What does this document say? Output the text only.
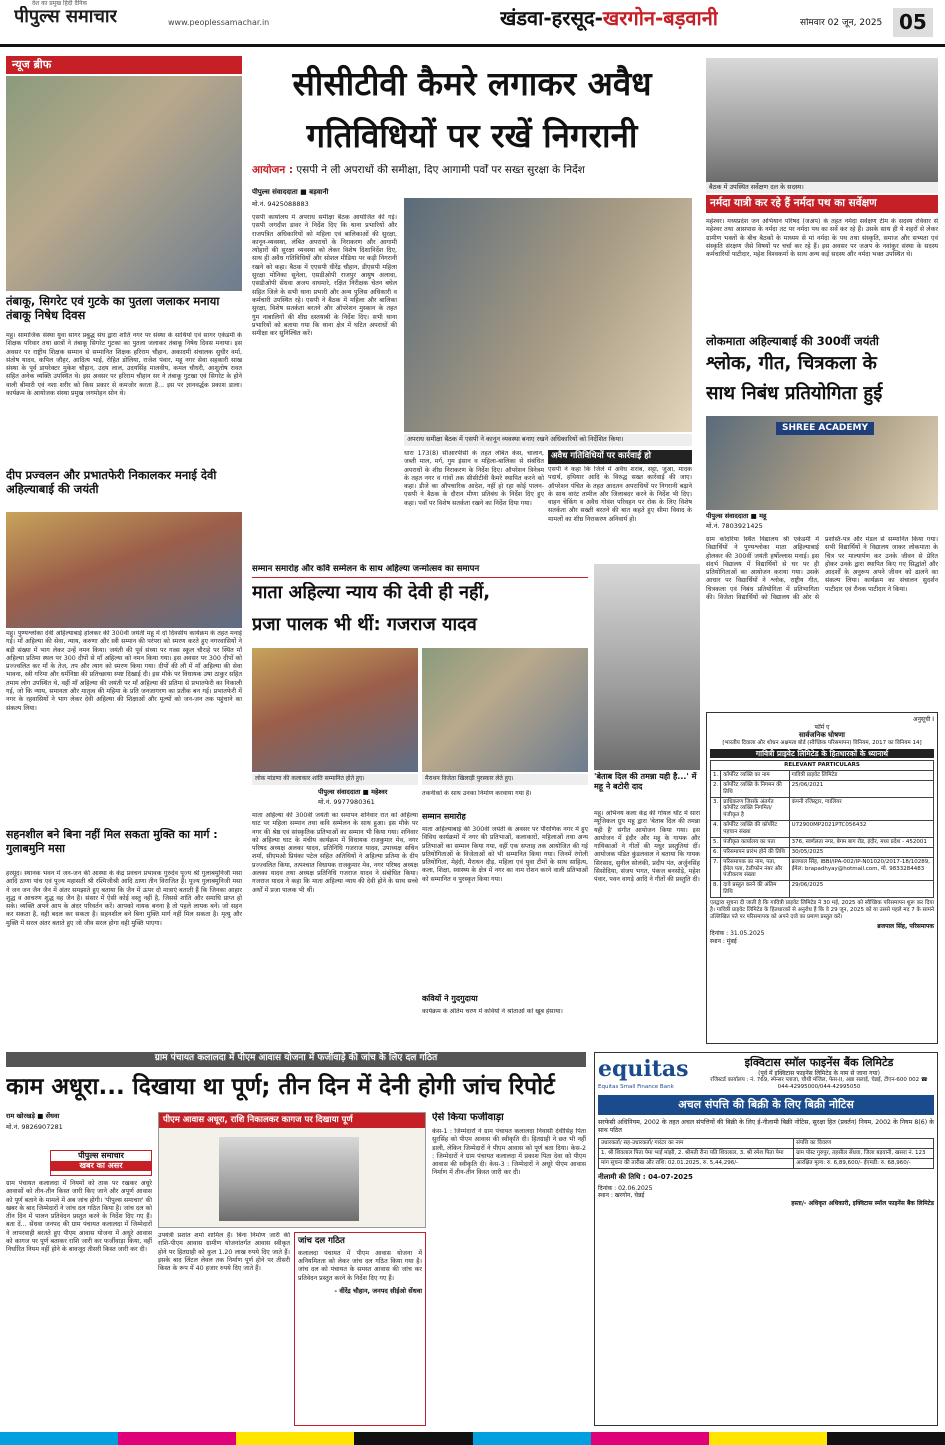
देश का प्रमुख हिंदी दैनिक
पीपुल्स समाचार	www.peoplessamachar.in	खंडवा-हरसूद-खरगोन-बड़वानी	सोमवार 02 जून, 2025 05
न्यूज ब्रीफ
तंबाकू, सिगरेट एवं गुटके का पुतला जलाकर मनाया तंबाकू निषेध दिवस
महू। सामाजिक संस्था युवा सागर प्रबुद्ध संघ द्वारा शांति नगर पर संस्था के साथियों एवं सागर एकेडमी के शिक्षक परिवार तथा छात्रों ने तंबाकू सिगरेट गुटका का पुतला जलाकर तंबाकू निषेध दिवस मनाया। इस अवसर पर राष्ट्रीय शिक्षक सम्मान से सम्मानित शिक्षक हरिराम चौहान, अकादमी संचालक सुधीर वर्मा, संतोष यादव, कपिल जौहर, आदित्य भाई, रोहित डोलिया, राजेश पंवार, महू नगर सेवा सहकारी साख संस्था के पूर्व डायरेक्टर मुकेश चौहान, उदय लाल, उदयसिंह मालवीय, कमल चौधरी, आशुतोष रावत सहित अनेक व्यक्ति उपस्थित थे। इस अवसर पर हरिराम चौहान सर ने तंबाकू गुटखा एवं सिगरेट के होने वाली बीमारी एवं नशा शरीर को किस प्रकार से कमजोर करता है... इस पर ज्ञानवर्द्धक प्रकाश डाला। कार्यक्रम के आयोजक संस्था प्रमुख जगमोहन सोन थे।
दीप प्रज्वलन और प्रभातफेरी निकालकर मनाई देवी अहिल्याबाई की जयंती
महू। पुण्यश्लोका देवी अहिल्याबाई होलकर की 300वीं जयंती महू में दो दिवसीय कार्यक्रम के तहत मनाई गई। माँ अहिल्या की सेवा, न्याय, करुणा और स्त्री सम्मान की परंपरा को स्मरण करते हुए नगरवासियों ने बड़ी संख्या में भाग लेकर उन्हें नमन किया। जयंती की पूर्व संध्या पर गल्र्स स्कूल चौराहे पर स्थित माँ अहिल्या प्रतिमा स्थल पर 300 दीपों से माँ अहिल्या को नमन किया गया। इस अवसर पर 300 दीपों को प्रज्ज्वलित कर माँ के तेज, तप और त्याग को स्मरण किया गया। दीपों की लौ में माँ अहिल्या की सेवा भावना, स्त्री गरिमा और धर्मनिष्ठा की प्रतिच्छाया स्पष्ट दिखाई दी। इस मौके पर विधायक उषा ठाकुर सहित तमाम लोग उपस्थित थे, वहीं माँ अहिल्या की जयंती पर माँ अहिल्या की प्रतिमा से प्रभातफेरी का निकाली गई, जो कि न्याय, समानता और मातृत्व की महिमा के प्रति जनजागरण का प्रतीक बन गई। प्रभातफेरी में नगर के रहवासियों ने भाग लेकर देवी अहिल्या की शिक्षाओं और मूल्यों को जन-जन तक पहुंचाने का संकल्प लिया।
सहनशील बने बिना नहीं मिल सकता मुक्ति का मार्ग : गुलाबमुनि मसा
हरसूद। स्थानक भवन में जन-जन की आस्था के केंद्र प्रवचन प्रभावक गुरुदेव पूज्य श्री गुलाबमुनिजी मसा आदि ठाणा पांच एवं पूज्य महासती श्री रश्मिजीश्री आदि ठाणा तीन विराजित हैं। पूज्य गुलाबमुनिजी मसा ने जन जन जैन जैन में अंतर समझाते हुए बताया कि जैन में ऊपर दो मात्राएं बताती हैं कि जिनका आहार शुद्ध व आचरण शुद्ध वह जैन है। संसार में ऐसी कोई वस्तु नहीं है, जिससे शांति और समाधि प्राप्त हो सके। व्यक्ति अपने आप के अंदर परिवर्तन करें। आपको नायक बनना है तो पहले लायक बनें। जो सहन कर सकता है, वही बदल कर सकता है। सहनशील बने बिना मुक्ति मार्ग नहीं मिल सकता है। मृत्यु और मुक्ति में सरल अंतर बताते हुए जो जीव सरल होगा वही मुक्ति पाएगा।
सीसीटीवी कैमरे लगाकर अवैध
गतिविधियों पर रखें निगरानी
आयोजन : एसपी ने ली अपराधों की समीक्षा, दिए आगामी पर्वों पर सख्त सुरक्षा के निर्देश
पीपुल्स संवाददाता ■ बड़वानी
मो.नं. 9425088883
एसपी कार्यालय में अपराध समीक्षा बैठक आयोजित की गई। एसपी जगदीश डावर ने निर्देश दिए कि थाना प्रभारियों और राजपत्रित अधिकारियों को महिला एवं बालिकाओं की सुरक्षा, कानून-व्यवस्था, लंबित अपराधों के निराकरण और आगामी त्योहारों की सुरक्षा व्यवस्था को लेकर विशेष दिशानिर्देश दिए, साथ ही अवैध गतिविधियों और सोशल मीडिया पर कड़ी निगरानी रखने को कहा। बैठक में एएसपी धीरेंद्र चौहान, डीएसपी महिला सुरक्षा मोनिका सुनेला, एसडीओपी राजपुर आयुष अलावा, एसडीओपी सेंधवा अजय वाघमारे, रक्षित निरीक्षक चेतन बघेल सहित जिले के सभी थाना प्रभारी और अन्य पुलिस अधिकारी व कर्मचारी उपस्थित रहे। एसपी ने बैठक में महिला और बालिका सुरक्षा, विशेष सतर्कता बरतने और ऑपरेशन मुस्कान के तहत गुम नाबालिगों की शीघ्र दस्तयाबी के निर्देश दिए। सभी थाना प्रभारियों को बताया गया कि थाना क्षेत्र में घटित अपराधों की समीक्षा कर सुनिश्चित करें।
अपराध समीक्षा बैठक में एसपी ने कानून व्यवस्था बनाए रखने अधिकारियों को निर्देशित किया।
धारा 173(8) सीआरपीसी के तहत लंबित केस, चालान, जब्ती माल, मर्ग, गुम इंसान व महिला-बालिका से संबंधित अपराधों के शीघ्र निराकरण के निर्देश दिए। ऑपरेशन त्रिनेत्रम के तहत नगर व गांवों तक सीसीटीवी कैमरे स्थापित करने को कहा। डीजे का औपचारिक आदेश, नहीं हो रहा कोई पालन-एसपी ने बैठक के दौरान मीणा प्रतिबंध के निर्देश दिए हुए कहा। पर्वों पर विशेष सतर्कता रखने का निर्देश दिया गया।
अवैध गतिविधियों पर कार्रवाई हो
एसपी ने कहा कि जिले में अवैध शराब, सट्टा, जुआ, मादक पदार्थ, हथियार आदि के विरुद्ध सख्त कार्रवाई की जाए। ऑपरेशन पंचित के तहत आदतन अपराधियों पर निगरानी बढ़ाने के साथ वारंट तामील और जिलाबदर करने के निर्देश भी दिए। वाहन चेकिंग व अवैध गोवंश परिवहन पर रोक के लिए विशेष सतर्कता और सख्ती बरतने की बात कहते हुए सीमा विवाद के मामलों का शीघ्र निराकरण अनिवार्य हो।
बैठक में उपस्थित सर्वेक्षण दल के सदस्य।
नर्मदा यात्री कर रहे हैं नर्मदा पथ का सर्वेक्षण
महेश्वर। मध्यप्रदेश जन अभियान परिषद (जअप) के तहत नर्मदा सर्वेक्षण टीम के सदस्य रविवार से महेश्वर तथा आसपास के नर्मदा तट पर नर्मदा पथ का सर्वे कर रहे हैं। उसके साथ ही ये शहरों से लेकर ग्रामीण भक्तों के बीच बैठकों के माध्यम से मां नर्मदा के पथ तथा संस्कृति, समाज और सभ्यता एवं संस्कृति संरक्षण जैसे विषयों पर चर्चा कर रहे हैं। इस अवसर पर जअप के नवांकुर संस्था के सदस्य कर्मचारियों पाटीदार, महेश विश्वकर्मा के साथ अन्य कई सदस्य और नर्मदा भक्त उपस्थित थे।
लोकमाता अहिल्याबाई की 300वीं जयंती
श्लोक, गीत, चित्रकला के
साथ निबंध प्रतियोगिता हुई
SHREE ACADEMY
पीपुल्स संवाददाता ■ महू
मो.नं. 7803921425
ग्राम कोदरिया स्थित विद्यालय श्री एकेडमी में विद्यार्थियों ने पुण्यश्लोका माता अहिल्याबाई होलकर की 300वीं जयंती हर्षोल्लास मनाई। इस संदर्भ विद्यालय में विद्यार्थियों से घर पर ही प्रतियोगिताओं का आयोजन कराया गया। उसके आधार पर विद्यार्थियों ने श्लोक, राष्ट्रीय गीत, चित्रकला एवं निबंध प्रतियोगिता में प्रतिभागिता की। विजेता विद्यार्थियों को विद्यालय की ओर से प्रशस्ति-पत्र और मेडल से सम्मानित किया गया। सभी विद्यार्थियों ने विद्यालय जाकर लोकमाता के चित्र पर माल्यार्पण कर उनके जीवन से प्रेरित होकर उनके द्वारा स्थापित किए गए सिद्धांतों और आदर्शों के अनुरूप अपने जीवन को ढालने का संकल्प लिया। कार्यक्रम का संचालन सुदर्शन पाटीदार एवं रौनक पाटीदार ने किया।
सम्मान समारोह और कवि सम्मेलन के साथ अहिल्या जन्मोत्सव का समापन
माता अहिल्या न्याय की देवी ही नहीं,
प्रजा पालक भी थीं: गजराज यादव
लोक मांडणा की कलाकार शांति सम्मानित होते हुए।	मैराथन विजेता खिलाड़ी पुरस्कार लेते हुए।
पीपुल्स संवाददाता ■ महेश्वर
मो.नं. 9977980361
माता अहिल्या की 300वीं जयंती का समापन शनिवार रात को अहिल्या घाट पर महिला सम्मान तथा कवि सम्मेलन के साथ हुआ। इस मौके पर नगर की श्रेष्ठ एवं सांस्कृतिक प्रतिभाओं का सम्मान भी किया गया। शनिवार को अहिल्या घाट के मंचीय कार्यक्रम में विधायक राजकुमार मेव, नगर परिषद अध्यक्ष अलका यादव, प्रतिनिधि गजराज यादव, उपाध्यक्ष सचिन शर्मा, सीएमओ प्रियंका पटेल सहित अतिथियों ने अहिल्या प्रतिमा के दीप प्रज्ज्वलित किया, तत्पश्चात विधायक राजकुमार मेव, नगर परिषद अध्यक्ष अलका यादव तथा अध्यक्ष प्रतिनिधि गजराज यादव ने संबोधित किया। गजराज यादव ने कहा कि माता अहिल्या न्याय की देवी होने के साथ सच्चे अर्थों में प्रजा पालक भी थीं।
तकनीकों के साथ उनका निर्माण करवाया गया है।
सम्मान समारोह
माता अहिल्याबाई की 300वीं जयंती के अवसर पर पौराणिक नगर में हुए विविध कार्यक्रमों में नगर की प्रतिभाओं, कलाकारों, महिलाओं तथा अन्य प्रतिभाओं का सम्मान किया गया, वहीं एक सप्ताह तक आयोजित की गई प्रतियोगिताओं के विजेताओं को भी सम्मानित किया गया। जिनमें रंगोली प्रतियोगिता, मेहंदी, मैराथन दौड़, महिला एवं युवा टीमों के साथ साहित्य, कला, शिक्षा, स्वास्थ्य के क्षेत्र में नगर का नाम रोशन करने वाली प्रतिभाओं को सम्मानित व पुरस्कृत किया गया।
कवियों ने गुदगुदाया
कार्यक्रम के अंतिम चरण में कवियों ने श्रोताओं को खूब हंसाया।
'बेताब दिल की तमन्ना यही है...' में महू ने बटोरी दाद
महू। अभिनय कला केंद्र की गोयल थॉट में सारा म्यूजिकल ग्रुप महू द्वारा 'बेताब दिल की तमन्ना यही है' संगीत आयोजन किया गया। इस आयोजन में इंदौर और महू के गायक और गायिकाओं ने गीतों की मधुर प्रस्तुतियां दीं। आयोजक पंडित कुंडलवाल ने बताया कि गायक सिरसाद, सुनील सोलंकी, प्रदीप पंत, अर्जुनसिंह सिसोदिया, संजय भगत, पंकज बनसोड़े, महेश पंवार, पवन वागड़े आदि ने गीतों की प्रस्तुति दी।
अनुसूची I
फॉर्म ए
सार्वजनिक घोषणा
[भारतीय दिवाला और शोधन अक्षमता बोर्ड (स्वैच्छिक परिसमापन) विनियम, 2017 का विनियम 14]
गावित्री प्राइवेट लिमिटेड के हितधारकों के ध्यानार्थ
RELEVANT PARTICULARS		
1.	कॉर्पोरेट व्यक्ति का नाम	गावित्री प्राइवेट लिमिटेड
2.	कॉर्पोरेट व्यक्ति के निगमन की तिथि	25/06/2021
3.	प्राधिकरण जिसके अंतर्गत कॉर्पोरेट व्यक्ति निगमित/पंजीकृत है	कंपनी रजिस्ट्रार, ग्वालियर
4.	कॉर्पोरेट व्यक्ति की कॉर्पोरेट पहचान संख्या	U72900MP2021PTC056432
5.	पंजीकृत कार्यालय का पता	376, स्वर्णलता नगर, बेगम बाग रोड, इंदौर, मध्य प्रदेश - 452001
6.	परिसमापन प्रारंभ होने की तिथि	30/05/2025
7.	परिसमापक का नाम, पता, ईमेल पता, टेलीफोन नंबर और पंजीकरण संख्या	ब्रजपाल सिंह, IBBI/IPA-002/IP-N01020/2017-18/10289, ईमेल: brapadhyay@hotmail.com, मो. 9833284483
8.	दावे प्रस्तुत करने की अंतिम तिथि	29/06/2025
एतद्वारा सूचना दी जाती है कि गावित्री प्राइवेट लिमिटेड ने 30 मई, 2025 को स्वैच्छिक परिसमापन शुरू कर दिया है। गावित्री प्राइवेट लिमिटेड के हितधारकों से अनुरोध है कि वे 29 जून, 2025 को या उससे पहले मद 7 के सामने उल्लिखित पते पर परिसमापक को अपने दावे का प्रमाण प्रस्तुत करें।
ब्रजपाल सिंह, परिसमापक
दिनांक : 31.05.2025
स्थान : मुंबई
ग्राम पंचायत कलालदा में पीएम आवास योजना में फर्जीवाड़े की जांच के लिए दल गठित
काम अधूरा... दिखाया था पूर्ण; तीन दिन में देनी होगी जांच रिपोर्ट
राम खोरखड़े ■ सेंधवा
मो.नं. 9826907281
पीपुल्स समाचार
खबर का असर
ग्राम पंचायत कलालदा में नियमों को ताक पर रखकर अधूरे आवासों को तीन-तीन किस्त जारी किए जाने और अपूर्ण आवास को पूर्ण बताने के मामले में अब जांच होगी। 'पीपुल्स समाचार' की खबर के बाद जिम्मेदारों ने जांच दल गठित किया है। जांच दल को तीन दिन में पालन प्रतिवेदन प्रस्तुत करने के निर्देश दिए गए हैं। बता दें... सेंधवा जनपद की ग्राम पंचायत कलालदा में जिम्मेदारों ने लापरवाही बरतते हुए पीएम आवास योजना में अधूरे आवास को कागज पर पूर्ण बताकर राशि जारी कर फर्जीवाड़ा किया, वहीं निर्धारित नियम नहीं होने के बावजूद तीसरी किस्त जारी कर दी।
पीएम आवास अधूरा, राशि निकालकर कागज पर दिखाया पूर्ण
उपयंत्री प्रशांत शर्मा शामिल हैं। बिना निर्माण जारी की राशि-पीएम आवास ग्रामीण योजनांतर्गत आवास स्वीकृत होने पर हितग्राही को कुल 1.20 लाख रुपये दिए जाते हैं। इसके बाद लिंटल लेवल तक निर्माण पूर्ण होने पर तीसरी किस्त के रूप में 40 हजार रुपये दिए जाते हैं।
जांच दल गठित
कलालदा पंचायत में पीएम आवास योजना में अनियमितता को लेकर जांच दल गठित किया गया है। जांच दल को पंचायत के समस्त आवास की जांच कर प्रतिवेदन प्रस्तुत करने के निर्देश दिए गए हैं।
- वीरेंद्र चौहान, जनपद सीईओ सेंधवा
ऐसे किया फर्जीवाड़ा
केस-1 : जिम्मेदारों ने ग्राम पंचायत कलालदा निवासी देवीसिंह पिता सुरसिंह को पीएम आवास की स्वीकृति दी। हितग्राही ने छत भी नहीं डाली, लेकिन जिम्मेदारों ने पीएम आवास को पूर्ण बता दिया। केस-2 : जिम्मेदारों ने ग्राम पंचायत कलालदा में प्रकाश पिता देवा को पीएम आवास की स्वीकृति दी। केस-3 : जिम्मेदारों ने अधूरे पीएम आवास निर्माण में तीन-तीन किस्त जारी कर दी।
equitas
Equitas Small Finance Bank
इक्विटास स्मॉल फाइनेंस बैंक लिमिटेड
(पूर्व में इक्विटास फाइनेंस लिमिटेड के नाम से जाना गया)
रजिस्टर्ड कार्यालय : नं. 769, स्पेन्सर प्लाजा, चौथी मंजिल, फेस-II, अन्ना सलाई, चेन्नई, टीएन-600 002 ☎ 044-42995000/044-42995050
अचल संपत्ति की बिक्री के लिए बिक्री नोटिस
सरफेसी अधिनियम, 2002 के तहत अचल संपत्तियों की बिक्री के लिए ई-नीलामी बिक्री नोटिस, सुरक्षा हित (प्रवर्तन) नियम, 2002 के नियम 8(6) के साथ पठित
उधारकर्ता/ सह-उधारकर्ता/ गारंटर का नाम	संपत्ति का विवरण
1. श्री शिवलाल पिता पेमा भाई मांझी, 2. श्रीमती रीना पति शिवलाल, 3. श्री रमेश पिता पेमा	ग्राम पोस्ट गुरुपुर, तहसील सेंधवा, जिला बड़वानी, खसरा नं. 123
मांग सूचना की तारीख और राशि: 02.01.2025, रु. 5,44,296/-	आरक्षित मूल्य: रु. 6,89,600/- ईएमडी: रु. 68,960/-
नीलामी की तिथि : 04-07-2025
दिनांक : 02.06.2025
स्थान : खरगोन, चेन्नई
हस्ता/- अधिकृत अधिकारी, इक्विटास स्मॉल फाइनेंस बैंक लिमिटेड
